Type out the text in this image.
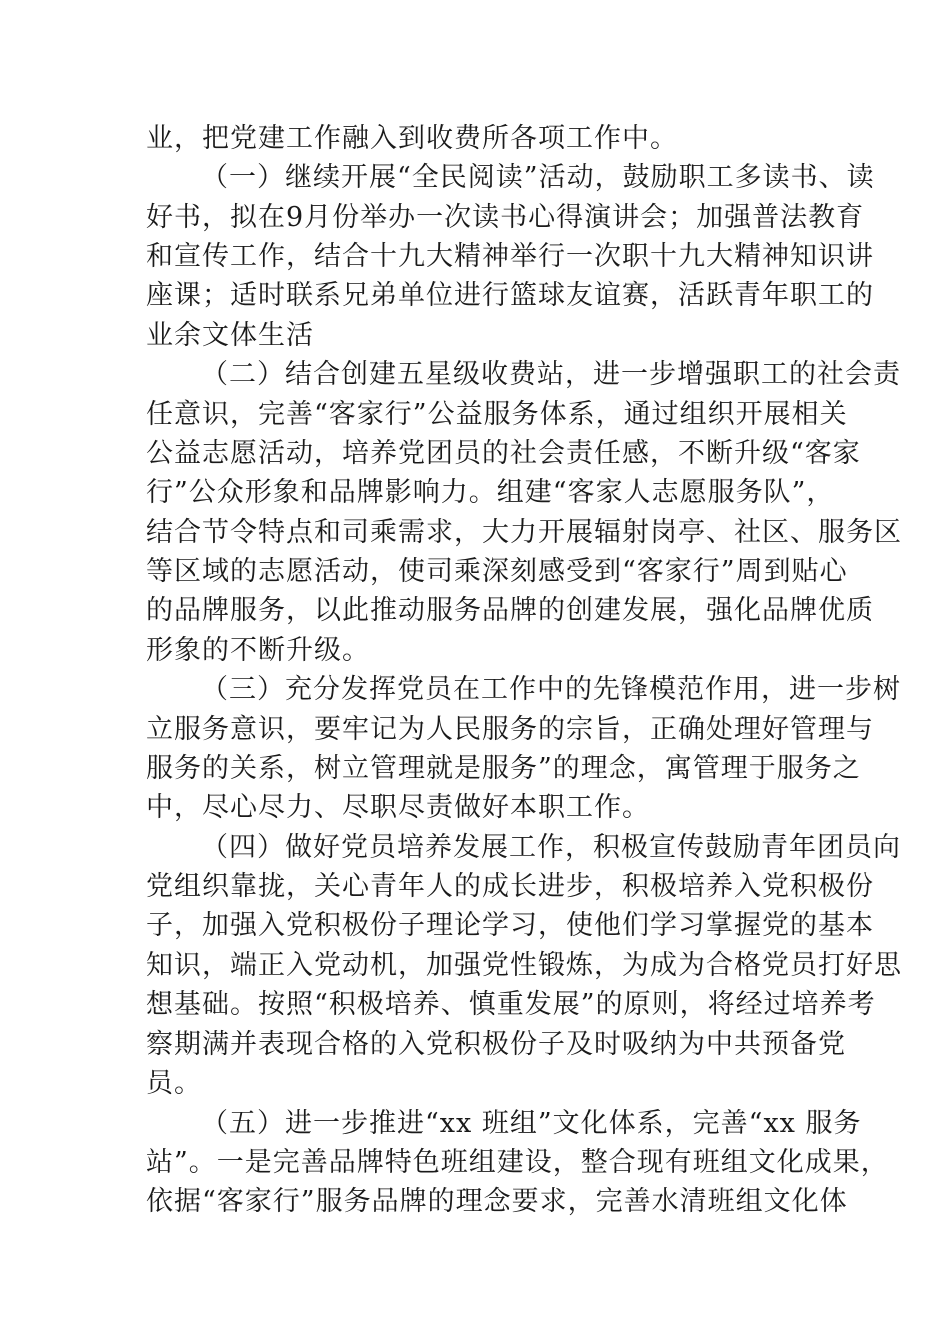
业，把党建工作融入到收费所各项工作中。
（一）继续开展“全民阅读”活动，鼓励职工多读书、读
好书，拟在9月份举办一次读书心得演讲会；加强普法教育
和宣传工作，结合十九大精神举行一次职十九大精神知识讲
座课；适时联系兄弟单位进行篮球友谊赛，活跃青年职工的
业余文体生活
（二）结合创建五星级收费站，进一步增强职工的社会责
任意识，完善“客家行”公益服务体系，通过组织开展相关
公益志愿活动，培养党团员的社会责任感，不断升级“客家
行”公众形象和品牌影响力。组建“客家人志愿服务队”，
结合节令特点和司乘需求，大力开展辐射岗亭、社区、服务区
等区域的志愿活动，使司乘深刻感受到“客家行”周到贴心
的品牌服务，以此推动服务品牌的创建发展，强化品牌优质
形象的不断升级。
（三）充分发挥党员在工作中的先锋模范作用，进一步树
立服务意识，要牢记为人民服务的宗旨，正确处理好管理与
服务的关系，树立管理就是服务”的理念，寓管理于服务之
中，尽心尽力、尽职尽责做好本职工作。
（四）做好党员培养发展工作，积极宣传鼓励青年团员向
党组织靠拢，关心青年人的成长进步，积极培养入党积极份
子，加强入党积极份子理论学习，使他们学习掌握党的基本
知识，端正入党动机，加强党性锻炼，为成为合格党员打好思
想基础。按照“积极培养、慎重发展”的原则，将经过培养考
察期满并表现合格的入党积极份子及时吸纳为中共预备党
员。
（五）进一步推进“xx 班组”文化体系，完善“xx 服务
站”。一是完善品牌特色班组建设，整合现有班组文化成果，
依据“客家行”服务品牌的理念要求，完善水清班组文化体
